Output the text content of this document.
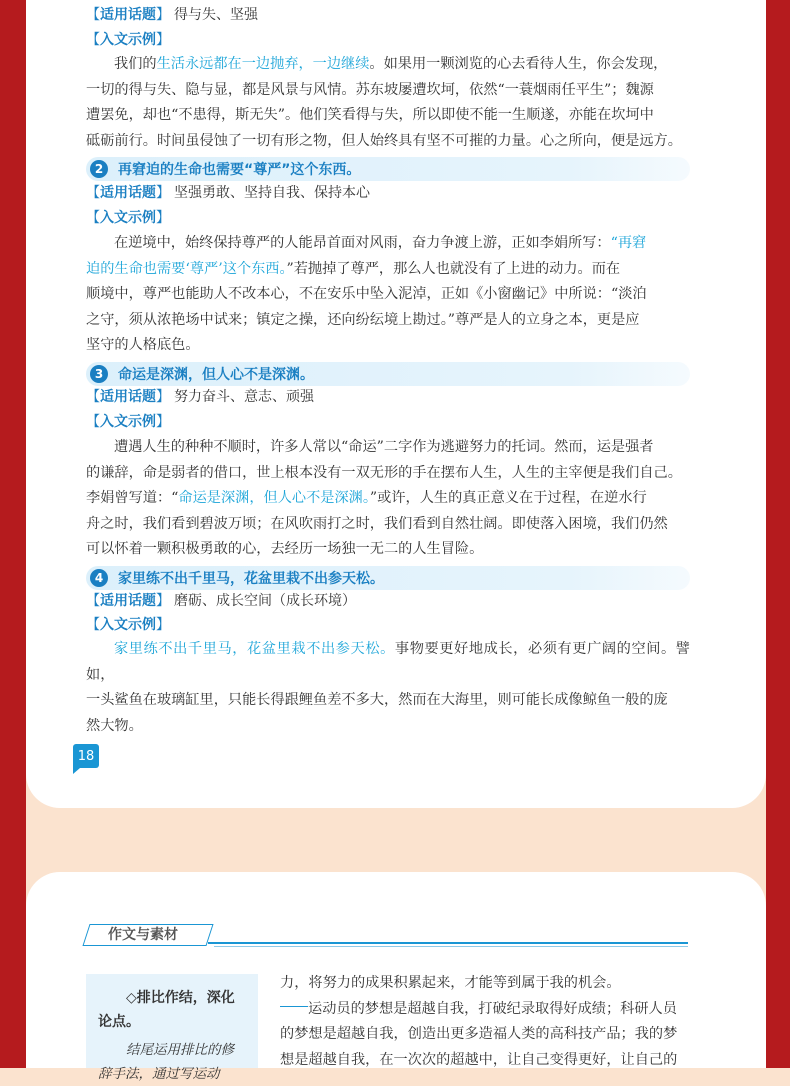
【适用话题】 得与失、坚强
【入文示例】
我们的生活永远都在一边抛弃，一边继续。如果用一颗浏览的心去看待人生，你会发现，
一切的得与失、隐与显，都是风景与风情。苏东坡屡遭坎坷，依然“一蓑烟雨任平生”；魏源
遭罢免，却也“不患得，斯无失”。他们笑看得与失，所以即使不能一生顺遂，亦能在坎坷中
砥砺前行。时间虽侵蚀了一切有形之物，但人始终具有坚不可摧的力量。心之所向，便是远方。
2	再窘迫的生命也需要“尊严”这个东西。
【适用话题】 坚强勇敢、坚持自我、保持本心
【入文示例】
在逆境中，始终保持尊严的人能昂首面对风雨，奋力争渡上游，正如李娟所写：“再窘
迫的生命也需要‘尊严’这个东西。”若抛掉了尊严，那么人也就没有了上进的动力。而在
顺境中，尊严也能助人不改本心，不在安乐中坠入泥淖，正如《小窗幽记》中所说：“淡泊
之守，须从浓艳场中试来；镇定之操，还向纷纭境上勘过。”尊严是人的立身之本，更是应
坚守的人格底色。
3	命运是深渊，但人心不是深渊。
【适用话题】 努力奋斗、意志、顽强
【入文示例】
遭遇人生的种种不顺时，许多人常以“命运”二字作为逃避努力的托词。然而，运是强者
的谦辞，命是弱者的借口，世上根本没有一双无形的手在摆布人生，人生的主宰便是我们自己。
李娟曾写道：“命运是深渊，但人心不是深渊。”或许，人生的真正意义在于过程，在逆水行
舟之时，我们看到碧波万顷；在风吹雨打之时，我们看到自然壮阔。即使落入困境，我们仍然
可以怀着一颗积极勇敢的心，去经历一场独一无二的人生冒险。
4	家里练不出千里马，花盆里栽不出参天松。
【适用话题】 磨砺、成长空间（成长环境）
【入文示例】
家里练不出千里马，花盆里栽不出参天松。事物要更好地成长，必须有更广阔的空间。譬如，
一头鲨鱼在玻璃缸里，只能长得跟鲤鱼差不多大，然而在大海里，则可能长成像鲸鱼一般的庞
然大物。
18
作文与素材
◇排比作结，深化论点。
结尾运用排比的修辞手法，通过写运动
力，将努力的成果积累起来，才能等到属于我的机会。
运动员的梦想是超越自我，打破纪录取得好成绩；科研人员
的梦想是超越自我，创造出更多造福人类的高科技产品；我的梦
想是超越自我，在一次次的超越中，让自己变得更好，让自己的
